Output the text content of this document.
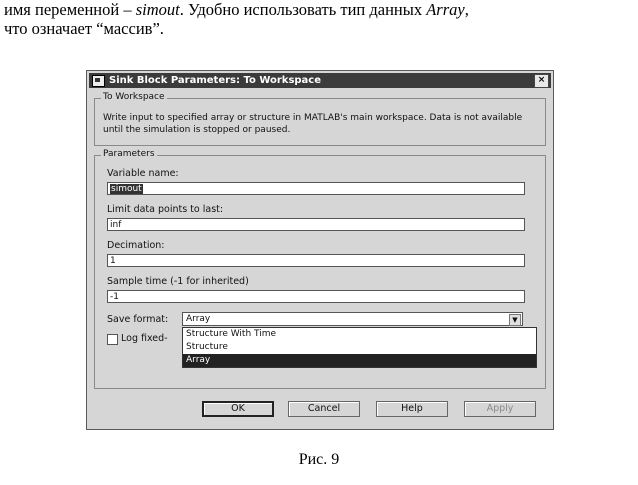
имя переменной – simout. Удобно использовать тип данных Array,
что означает “массив”.
Sink Block Parameters: To Workspace	×
To Workspace
Write input to specified array or structure in MATLAB's main workspace. Data is not available until the simulation is stopped or paused.
Parameters
Variable name:
simout
Limit data points to last:
inf
Decimation:
1
Sample time (-1 for inherited)
-1
Save format:	Array	▼
Log fixed-	Structure With Time
Structure
Array
OK	Cancel	Help	Apply
Рис. 9
